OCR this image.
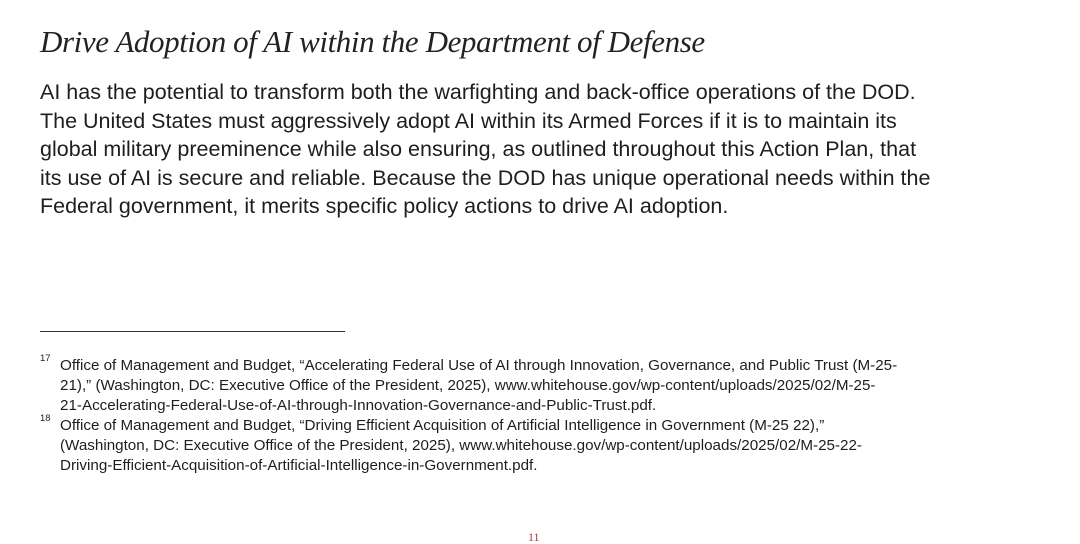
Drive Adoption of AI within the Department of Defense

AI has the potential to transform both the warfighting and back-office operations of the DOD.
The United States must aggressively adopt AI within its Armed Forces if it is to maintain its
global military preeminence while also ensuring, as outlined throughout this Action Plan, that
its use of AI is secure and reliable. Because the DOD has unique operational needs within the
Federal government, it merits specific policy actions to drive AI adoption.

17 Office of Management and Budget, “Accelerating Federal Use of AI through Innovation, Governance, and Public Trust (M-25-
21),” (Washington, DC: Executive Office of the President, 2025), www.whitehouse.gov/wp-content/uploads/2025/02/M-25-
21-Accelerating-Federal-Use-of-AI-through-Innovation-Governance-and-Public-Trust.pdf.
18 Office of Management and Budget, “Driving Efficient Acquisition of Artificial Intelligence in Government (M-25 22),”
(Washington, DC: Executive Office of the President, 2025), www.whitehouse.gov/wp-content/uploads/2025/02/M-25-22-
Driving-Efficient-Acquisition-of-Artificial-Intelligence-in-Government.pdf.
11
